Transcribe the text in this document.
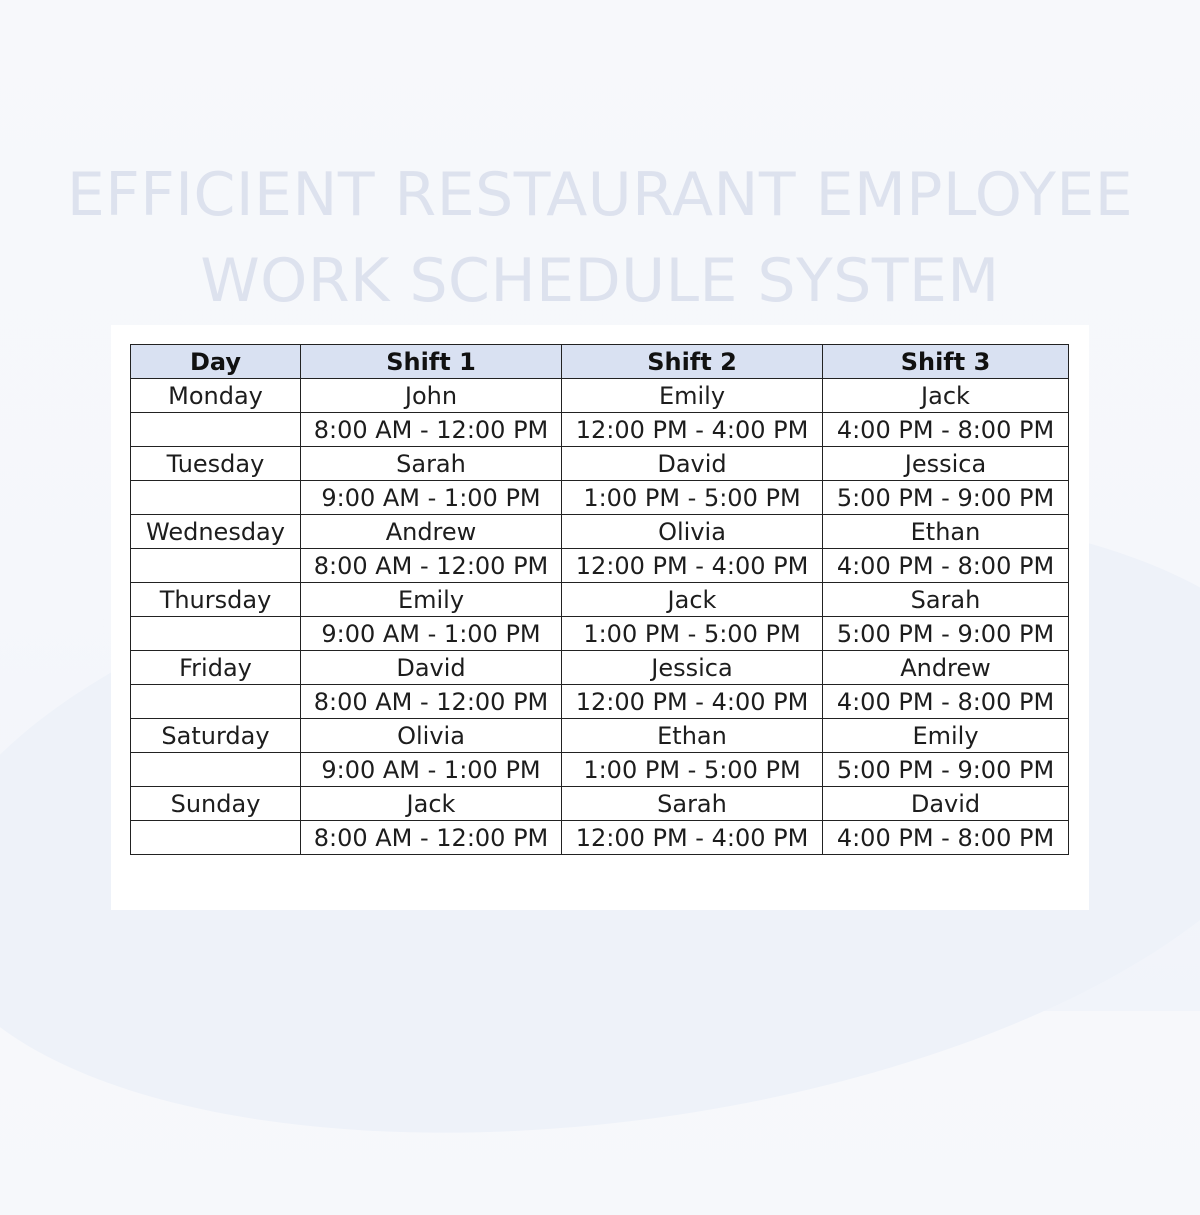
EFFICIENT RESTAURANT EMPLOYEE
WORK SCHEDULE SYSTEM
Day	Shift 1	Shift 2	Shift 3
Monday	John	Emily	Jack
	8:00 AM - 12:00 PM	12:00 PM - 4:00 PM	4:00 PM - 8:00 PM
Tuesday	Sarah	David	Jessica
	9:00 AM - 1:00 PM	1:00 PM - 5:00 PM	5:00 PM - 9:00 PM
Wednesday	Andrew	Olivia	Ethan
	8:00 AM - 12:00 PM	12:00 PM - 4:00 PM	4:00 PM - 8:00 PM
Thursday	Emily	Jack	Sarah
	9:00 AM - 1:00 PM	1:00 PM - 5:00 PM	5:00 PM - 9:00 PM
Friday	David	Jessica	Andrew
	8:00 AM - 12:00 PM	12:00 PM - 4:00 PM	4:00 PM - 8:00 PM
Saturday	Olivia	Ethan	Emily
	9:00 AM - 1:00 PM	1:00 PM - 5:00 PM	5:00 PM - 9:00 PM
Sunday	Jack	Sarah	David
	8:00 AM - 12:00 PM	12:00 PM - 4:00 PM	4:00 PM - 8:00 PM
